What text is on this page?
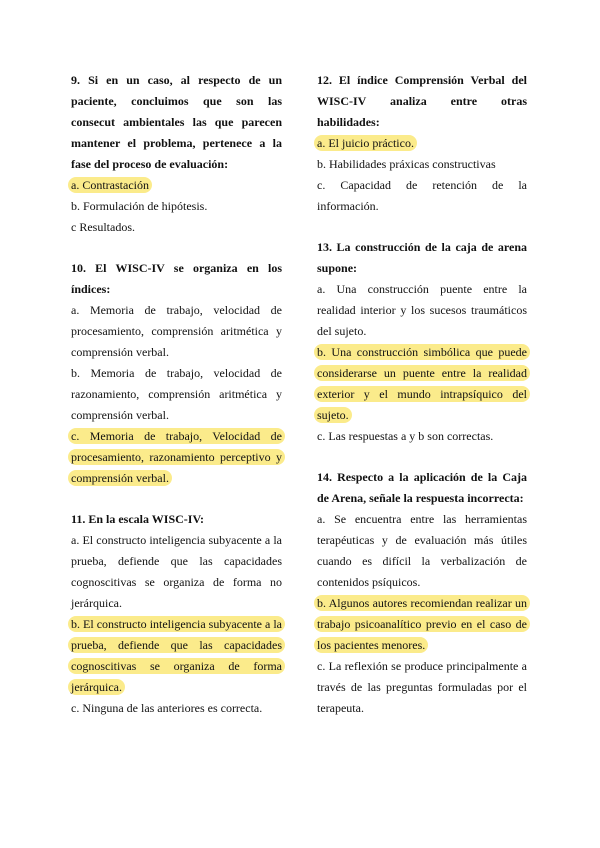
9. Si en un caso, al respecto de un paciente, concluimos que son las consecut ambientales las que parecen mantener el problema, pertenece a la fase del proceso de evaluación:
a. Contrastación
b. Formulación de hipótesis.
c Resultados.
10. El WISC-IV se organiza en los índices:
a. Memoria de trabajo, velocidad de procesamiento, comprensión aritmética y comprensión verbal.
b. Memoria de trabajo, velocidad de razonamiento, comprensión aritmética y comprensión verbal.
c. Memoria de trabajo, Velocidad de procesamiento, razonamiento perceptivo y comprensión verbal.
11. En la escala WISC-IV:
a. El constructo inteligencia subyacente a la prueba, defiende que las capacidades cognoscitivas se organiza de forma no jerárquica.
b. El constructo inteligencia subyacente a la prueba, defiende que las capacidades cognoscitivas se organiza de forma jerárquica.
c. Ninguna de las anteriores es correcta.
12. El índice Comprensión Verbal del WISC-IV analiza entre otras habilidades:
a. El juicio práctico.
b. Habilidades práxicas constructivas
c. Capacidad de retención de la información.
13. La construcción de la caja de arena supone:
a. Una construcción puente entre la realidad interior y los sucesos traumáticos del sujeto.
b. Una construcción simbólica que puede considerarse un puente entre la realidad exterior y el mundo intrapsíquico del sujeto.
c. Las respuestas a y b son correctas.
14. Respecto a la aplicación de la Caja de Arena, señale la respuesta incorrecta:
a. Se encuentra entre las herramientas terapéuticas y de evaluación más útiles cuando es difícil la verbalización de contenidos psíquicos.
b. Algunos autores recomiendan realizar un trabajo psicoanalítico previo en el caso de los pacientes menores.
c. La reflexión se produce principalmente a través de las preguntas formuladas por el terapeuta.
